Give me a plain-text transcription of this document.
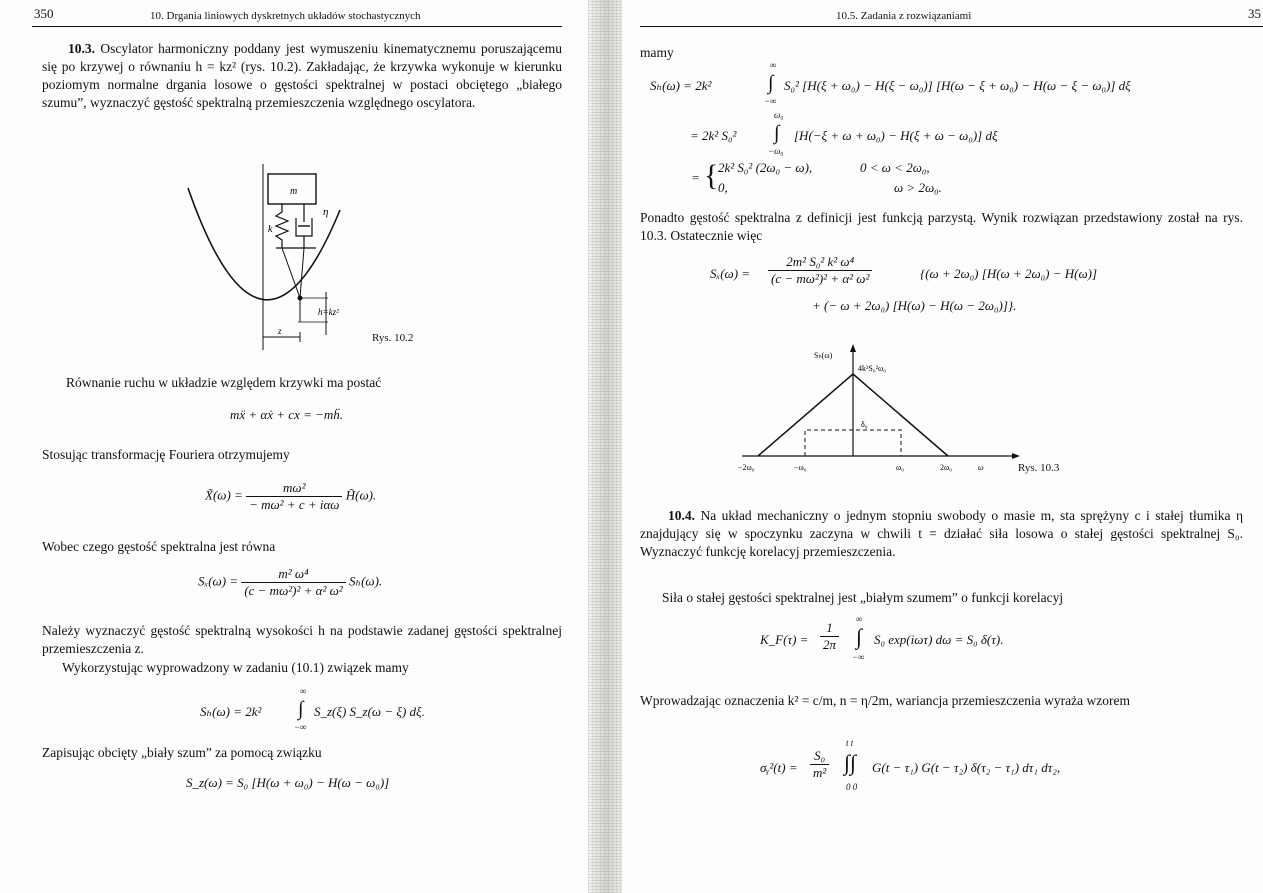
350	10. Drgania liniowych dyskretnych układów stochastycznych

10.3. Oscylator harmoniczny poddany jest wymuszeniu kinematycznemu poruszającemu się po krzywej o równaniu h = kz² (rys. 10.2). Zakładając, że krzywka wykonuje w kierunku poziomym normalne drgania losowe o gęstości spektralnej w postaci obciętego „białego szumu”, wyznaczyć gęstość spektralną przemieszczenia względnego oscylatora.

m
k
η
h=kz²
z
Rys. 10.2

Równanie ruchu w układzie względem krzywki ma postać

mẍ + αẋ + cx = −mḧ.

Stosując transformację Fouriera otrzymujemy

X̃(ω) = $\frac{\text{mω²}}{\text{− mω² + c + iαω}}$ H̃(ω).

Wobec czego gęstość spektralna jest równa

$S_x(\omega) = \frac{\text{m² ω⁴}}{\text{(c − mω²)² + α² ω²}} S_h(\omega)$.

Należy wyznaczyć gęstość spektralną wysokości h na podstawie zadanej gęstości spektralnej przemieszczenia z.

Wykorzystując wyprowadzony w zadaniu (10.1) związek mamy

Sₕ(ω) = 2k²
∞
∫
−∞
S_z(ξ) S_z(ω − ξ) dξ.

Zapisując obcięty „biały szum” za pomocą związku

S_z(ω) = S₀ [H(ω + ω₀) − H(ω − ω₀)]
10.5. Zadania z rozwiązaniami	35

mamy

Sₕ(ω) = 2k²
∞
∫
−∞
S₀² [H(ξ + ω₀) − H(ξ − ω₀)] [H(ω − ξ + ω₀) − H(ω − ξ − ω₀)] dξ
= 2k² S₀²
ω₀
∫
−ω₀
[H(−ξ + ω + ω₀) − H(ξ + ω − ω₀)] dξ
= { 2k² S₀² (2ω₀ − ω),	0 < ω < 2ω₀,
0,	ω > 2ω₀.

Ponadto gęstość spektralna z definicji jest funkcją parzystą. Wynik rozwiązan przedstawiony został na rys. 10.3. Ostatecznie więc

$S_x(\omega) = \frac{\text{2m² S₀² k² ω⁴}}{\text{(c − mω²)² + α² ω²}}$	{(ω + 2ω₀) [H(ω + 2ω₀) − H(ω)]
+ (− ω + 2ω₀) [H(ω) − H(ω − 2ω₀)]}.
Sₕ(ω)
4k²S₀²ω₀
δ₀
−2ω₀	−ω₀	ω₀	2ω₀	ω	Rys. 10.3

10.4. Na układ mechaniczny o jednym stopniu swobody o masie m, sta sprężyny c i stałej tłumika η znajdujący się w spoczynku zaczyna w chwili t = działać siła losowa o stałej gęstości spektralnej S₀. Wyznaczyć funkcję korelacyj przemieszczenia.

Siła o stałej gęstości spektralnej jest „białym szumem” o funkcji korelacyj

K_F(τ) = $\frac{1}{2\pi}$
∞
∫
−∞
S₀ exp(iωτ) dω = S₀ δ(τ).

Wprowadzając oznaczenia k² = c/m, n = η/2m, wariancja przemieszczenia wyraża wzorem

σᵧ²(t) = $\frac{\text{S₀}}{\text{m²}}$
t t
∫∫
0 0
G(t − τ₁) G(t − τ₂) δ(τ₂ − τ₁) dτ₁ dτ₂,
